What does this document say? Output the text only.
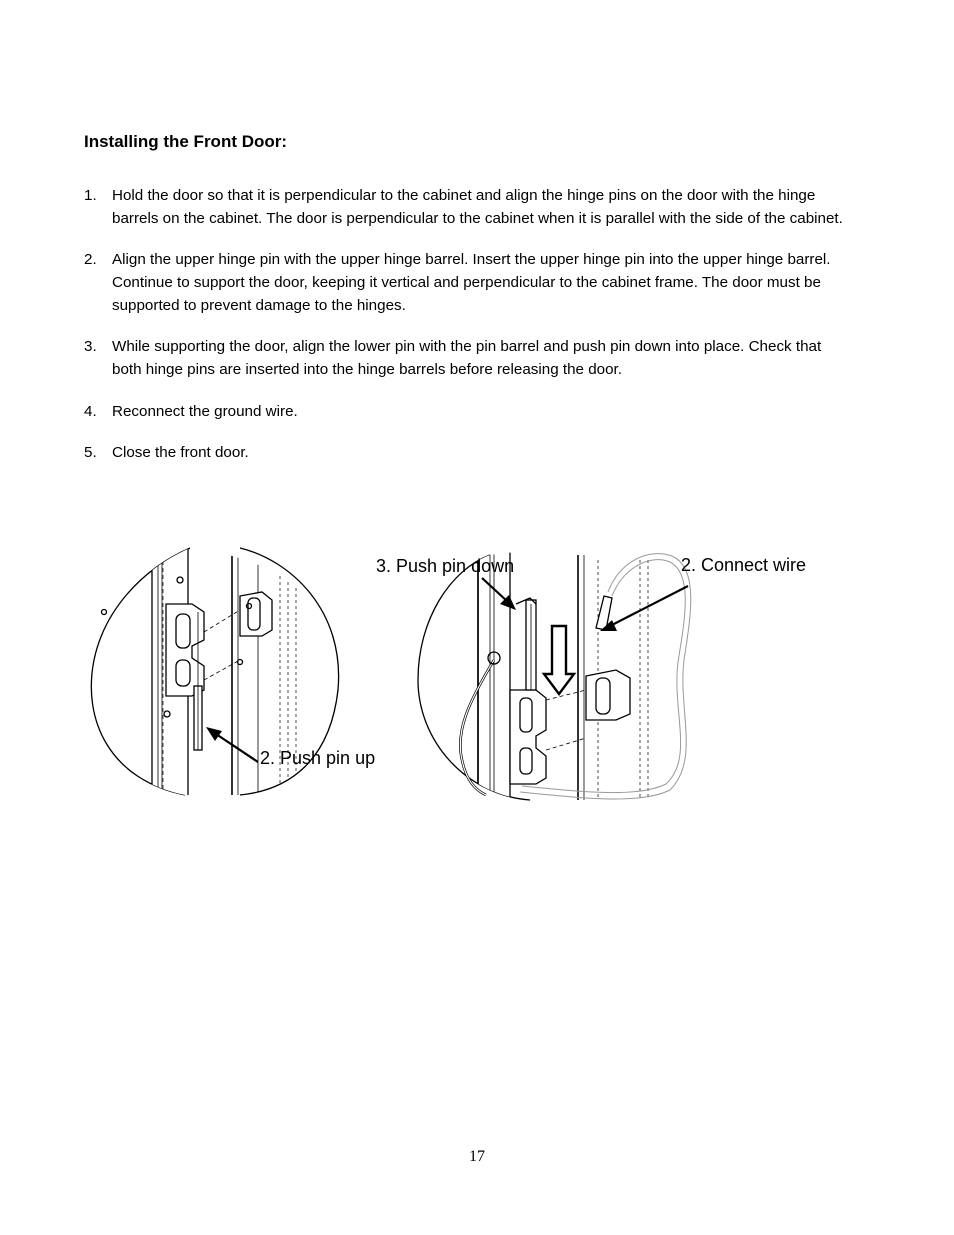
Installing the Front Door:
1. Hold the door so that it is perpendicular to the cabinet and align the hinge pins on the door with the hinge barrels on the cabinet. The door is perpendicular to the cabinet when it is parallel with the side of the cabinet.
2. Align the upper hinge pin with the upper hinge barrel. Insert the upper hinge pin into the upper hinge barrel. Continue to support the door, keeping it vertical and perpendicular to the cabinet frame. The door must be supported to prevent damage to the hinges.
3. While supporting the door, align the lower pin with the pin barrel and push pin down into place. Check that both hinge pins are inserted into the hinge barrels before releasing the door.
4. Reconnect the ground wire.
5. Close the front door.
2. Push pin up
3. Push pin down	2. Connect wire
17
